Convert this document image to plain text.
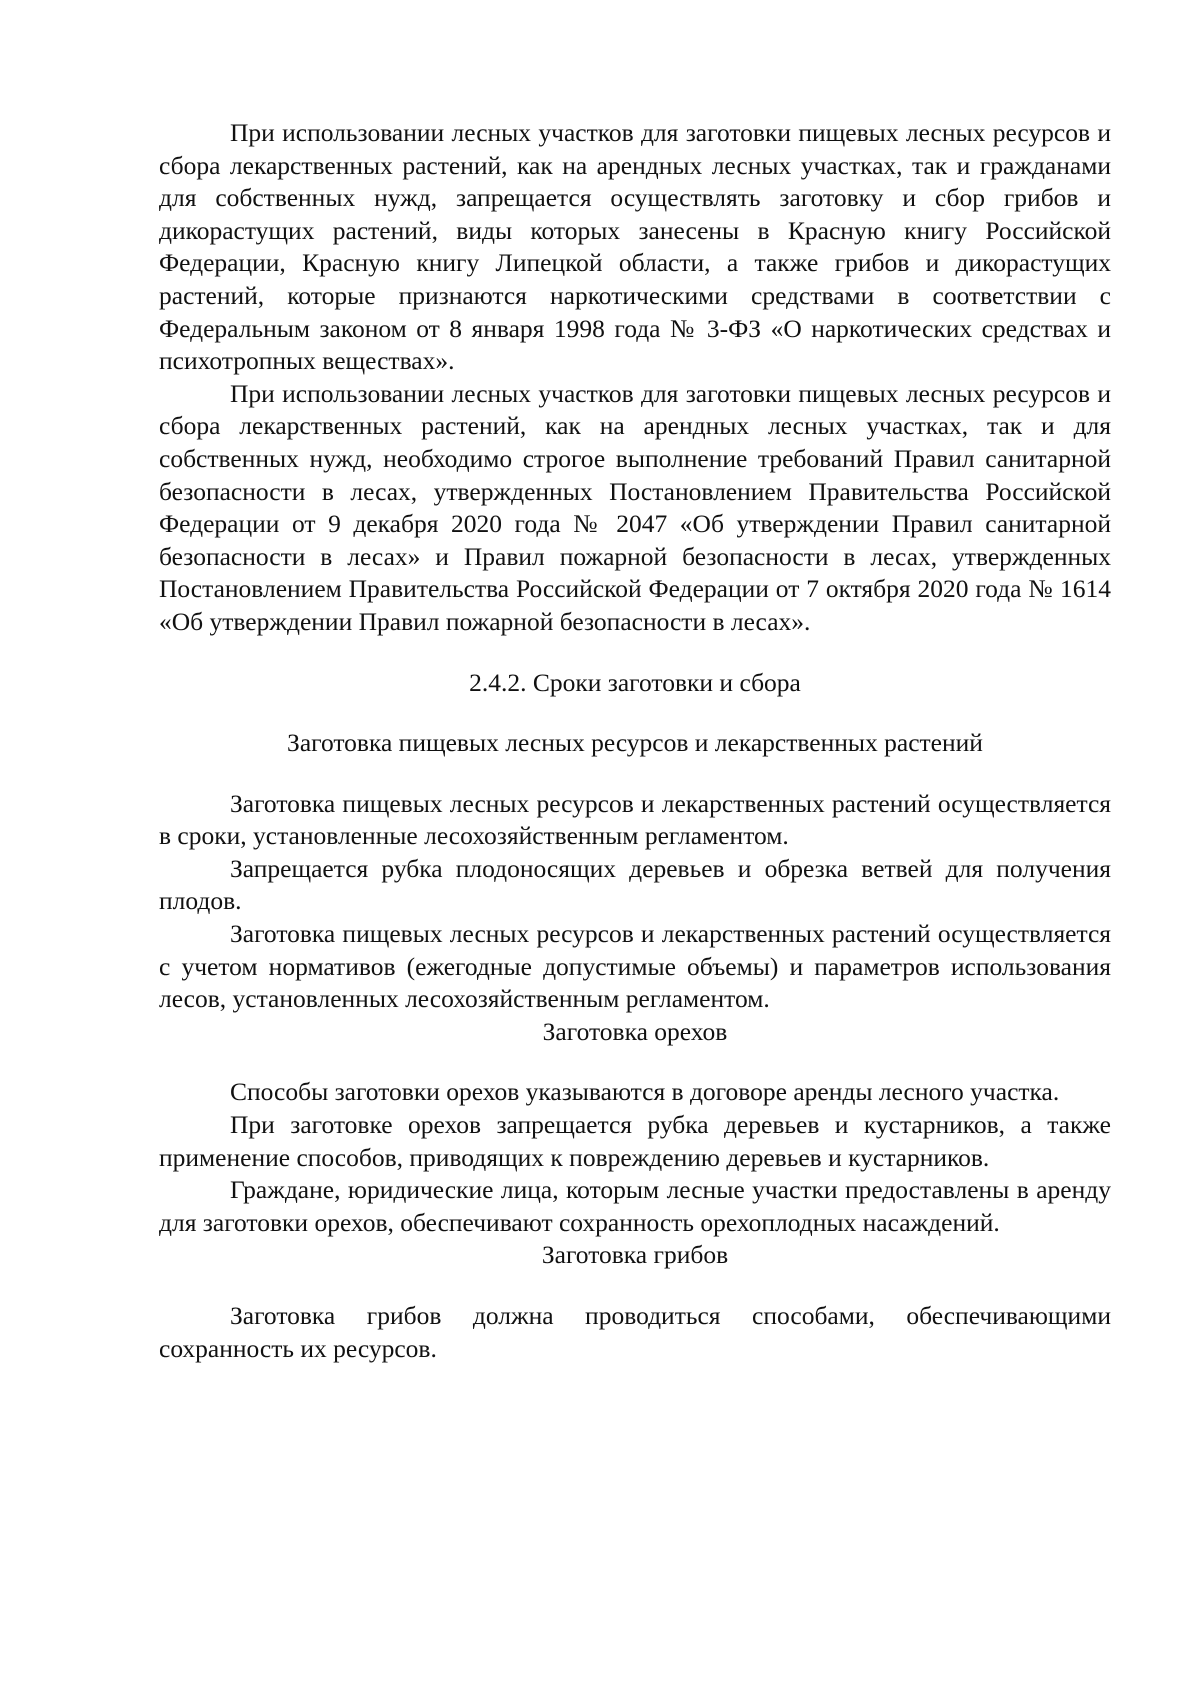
При использовании лесных участков для заготовки пищевых лесных ресурсов и сбора лекарственных растений, как на арендных лесных участках, так и гражданами для собственных нужд, запрещается осуществлять заготовку и сбор грибов и дикорастущих растений, виды которых занесены в Красную книгу Российской Федерации, Красную книгу Липецкой области, а также грибов и дикорастущих растений, которые признаются наркотическими средствами в соответствии с Федеральным законом от 8 января 1998 года № 3-ФЗ «О наркотических средствах и психотропных веществах».

При использовании лесных участков для заготовки пищевых лесных ресурсов и сбора лекарственных растений, как на арендных лесных участках, так и для собственных нужд, необходимо строгое выполнение требований Правил санитарной безопасности в лесах, утвержденных Постановлением Правительства Российской Федерации от 9 декабря 2020 года № 2047 «Об утверждении Правил санитарной безопасности в лесах» и Правил пожарной безопасности в лесах, утвержденных Постановлением Правительства Российской Федерации от 7 октября 2020 года № 1614 «Об утверждении Правил пожарной безопасности в лесах».

2.4.2. Сроки заготовки и сбора

Заготовка пищевых лесных ресурсов и лекарственных растений

Заготовка пищевых лесных ресурсов и лекарственных растений осуществляется в сроки, установленные лесохозяйственным регламентом.

Запрещается рубка плодоносящих деревьев и обрезка ветвей для получения плодов.

Заготовка пищевых лесных ресурсов и лекарственных растений осуществляется с учетом нормативов (ежегодные допустимые объемы) и параметров использования лесов, установленных лесохозяйственным регламентом.

Заготовка орехов

Способы заготовки орехов указываются в договоре аренды лесного участка.

При заготовке орехов запрещается рубка деревьев и кустарников, а также применение способов, приводящих к повреждению деревьев и кустарников.

Граждане, юридические лица, которым лесные участки предоставлены в аренду для заготовки орехов, обеспечивают сохранность орехоплодных насаждений.

Заготовка грибов

Заготовка грибов должна проводиться способами, обеспечивающими сохранность их ресурсов.
